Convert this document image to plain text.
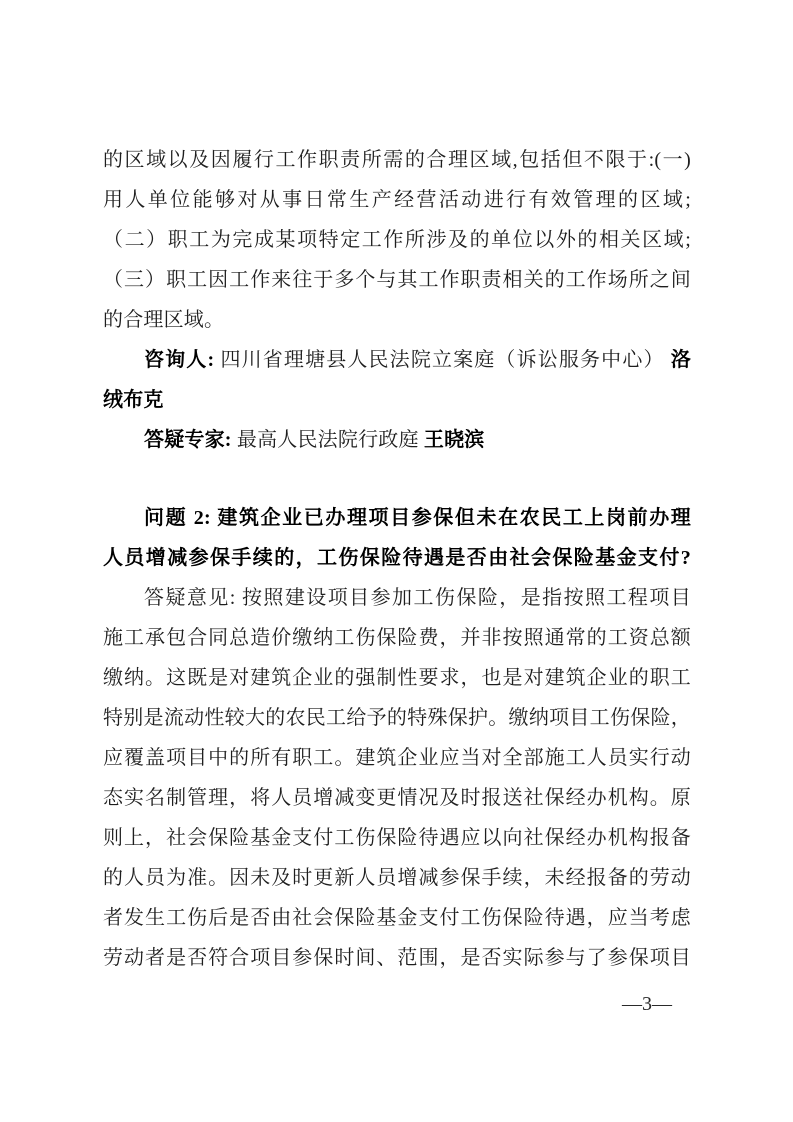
的区域以及因履行工作职责所需的合理区域,包括但不限于:(一)
用人单位能够对从事日常生产经营活动进行有效管理的区域;
（二）职工为完成某项特定工作所涉及的单位以外的相关区域;
（三）职工因工作来往于多个与其工作职责相关的工作场所之间
的合理区域。
咨询人: 四川省理塘县人民法院立案庭（诉讼服务中心） 洛
绒布克
答疑专家: 最高人民法院行政庭 王晓滨
问题 2: 建筑企业已办理项目参保但未在农民工上岗前办理
人员增减参保手续的，工伤保险待遇是否由社会保险基金支付?
答疑意见: 按照建设项目参加工伤保险，是指按照工程项目
施工承包合同总造价缴纳工伤保险费，并非按照通常的工资总额
缴纳。这既是对建筑企业的强制性要求，也是对建筑企业的职工
特别是流动性较大的农民工给予的特殊保护。缴纳项目工伤保险，
应覆盖项目中的所有职工。建筑企业应当对全部施工人员实行动
态实名制管理，将人员增减变更情况及时报送社保经办机构。原
则上，社会保险基金支付工伤保险待遇应以向社保经办机构报备
的人员为准。因未及时更新人员增减参保手续，未经报备的劳动
者发生工伤后是否由社会保险基金支付工伤保险待遇，应当考虑
劳动者是否符合项目参保时间、范围，是否实际参与了参保项目
—3—
